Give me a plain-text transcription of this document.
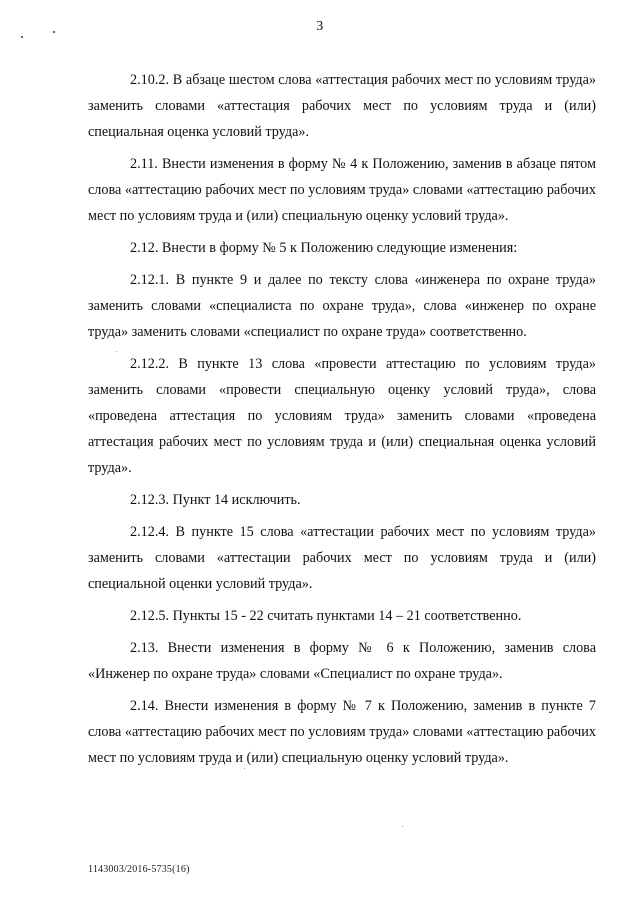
3

2.10.2. В абзаце шестом слова «аттестация рабочих мест по условиям труда» заменить словами «аттестация рабочих мест по условиям труда и (или) специальная оценка условий труда».

2.11. Внести изменения в форму № 4 к Положению, заменив в абзаце пятом слова «аттестацию рабочих мест по условиям труда» словами «аттестацию рабочих мест по условиям труда и (или) специальную оценку условий труда».

2.12. Внести в форму № 5 к Положению следующие изменения:

2.12.1. В пункте 9 и далее по тексту слова «инженера по охране труда» заменить словами «специалиста по охране труда», слова «инженер по охране труда» заменить словами «специалист по охране труда» соответственно.

2.12.2. В пункте 13 слова «провести аттестацию по условиям труда» заменить словами «провести специальную оценку условий труда», слова «проведена аттестация по условиям труда» заменить словами «проведена аттестация рабочих мест по условиям труда и (или) специальная оценка условий труда».

2.12.3. Пункт 14 исключить.

2.12.4. В пункте 15 слова «аттестации рабочих мест по условиям труда» заменить словами «аттестации рабочих мест по условиям труда и (или) специальной оценки условий труда».

2.12.5. Пункты 15 - 22 считать пунктами 14 – 21 соответственно.

2.13. Внести изменения в форму № 6 к Положению, заменив слова «Инженер по охране труда» словами «Специалист по охране труда».

2.14. Внести изменения в форму № 7 к Положению, заменив в пункте 7 слова «аттестацию рабочих мест по условиям труда» словами «аттестацию рабочих мест по условиям труда и (или) специальную оценку условий труда».

1143003/2016-5735(16)
